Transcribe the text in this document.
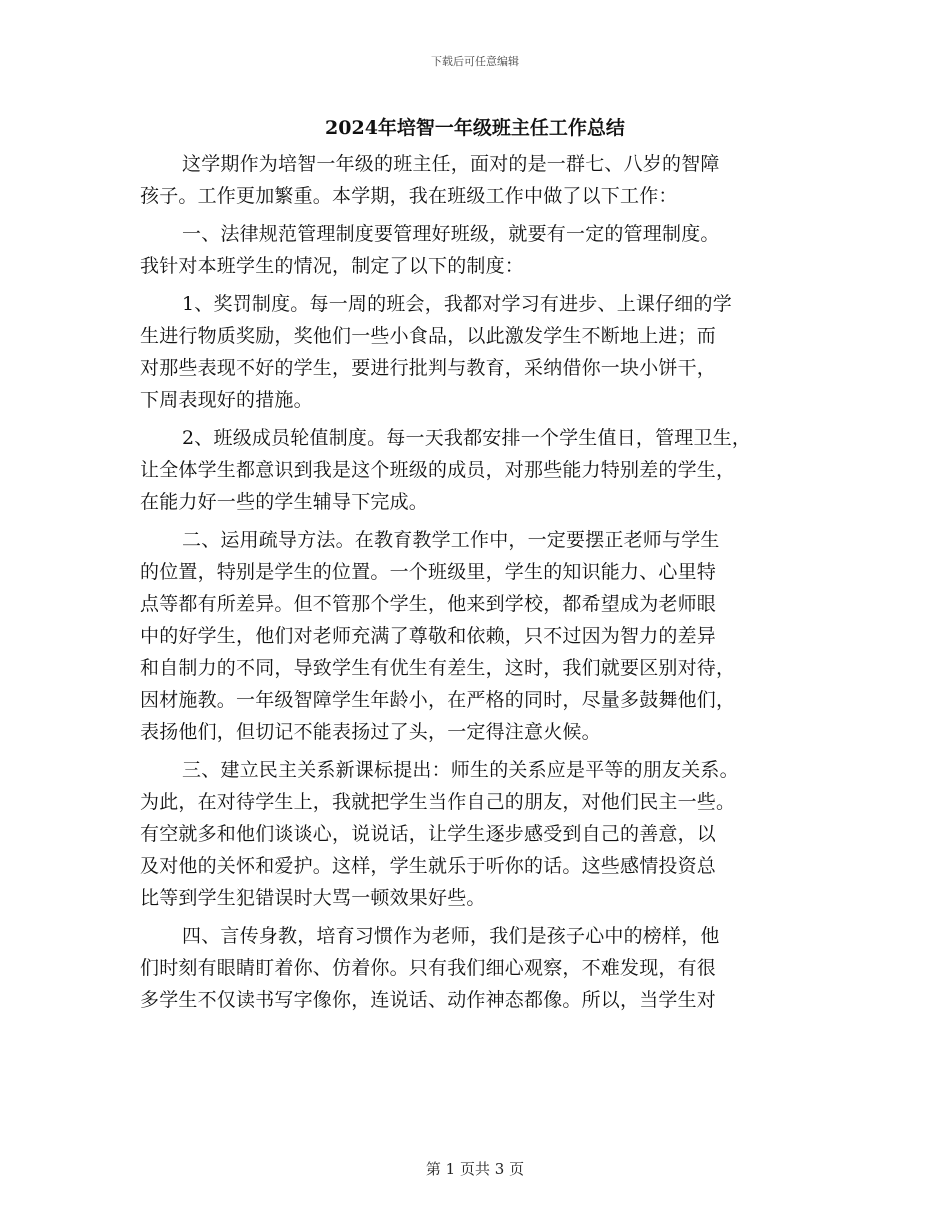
下载后可任意编辑
2024年培智一年级班主任工作总结

这学期作为培智一年级的班主任，面对的是一群七、八岁的智障
孩子。工作更加繁重。本学期，我在班级工作中做了以下工作：

一、法律规范管理制度要管理好班级，就要有一定的管理制度。
我针对本班学生的情况，制定了以下的制度：

1、奖罚制度。每一周的班会，我都对学习有进步、上课仔细的学
生进行物质奖励，奖他们一些小食品，以此激发学生不断地上进；而
对那些表现不好的学生，要进行批判与教育，采纳借你一块小饼干，
下周表现好的措施。

2、班级成员轮值制度。每一天我都安排一个学生值日，管理卫生，
让全体学生都意识到我是这个班级的成员，对那些能力特别差的学生，
在能力好一些的学生辅导下完成。

二、运用疏导方法。在教育教学工作中，一定要摆正老师与学生
的位置，特别是学生的位置。一个班级里，学生的知识能力、心里特
点等都有所差异。但不管那个学生，他来到学校，都希望成为老师眼
中的好学生，他们对老师充满了尊敬和依赖，只不过因为智力的差异
和自制力的不同，导致学生有优生有差生，这时，我们就要区别对待，
因材施教。一年级智障学生年龄小，在严格的同时，尽量多鼓舞他们，
表扬他们，但切记不能表扬过了头，一定得注意火候。

三、建立民主关系新课标提出：师生的关系应是平等的朋友关系。
为此，在对待学生上，我就把学生当作自己的朋友，对他们民主一些。
有空就多和他们谈谈心，说说话，让学生逐步感受到自己的善意，以
及对他的关怀和爱护。这样，学生就乐于听你的话。这些感情投资总
比等到学生犯错误时大骂一顿效果好些。

四、言传身教，培育习惯作为老师，我们是孩子心中的榜样，他
们时刻有眼睛盯着你、仿着你。只有我们细心观察，不难发现，有很
多学生不仅读书写字像你，连说话、动作神态都像。所以，当学生对

第 1 页共 3 页
